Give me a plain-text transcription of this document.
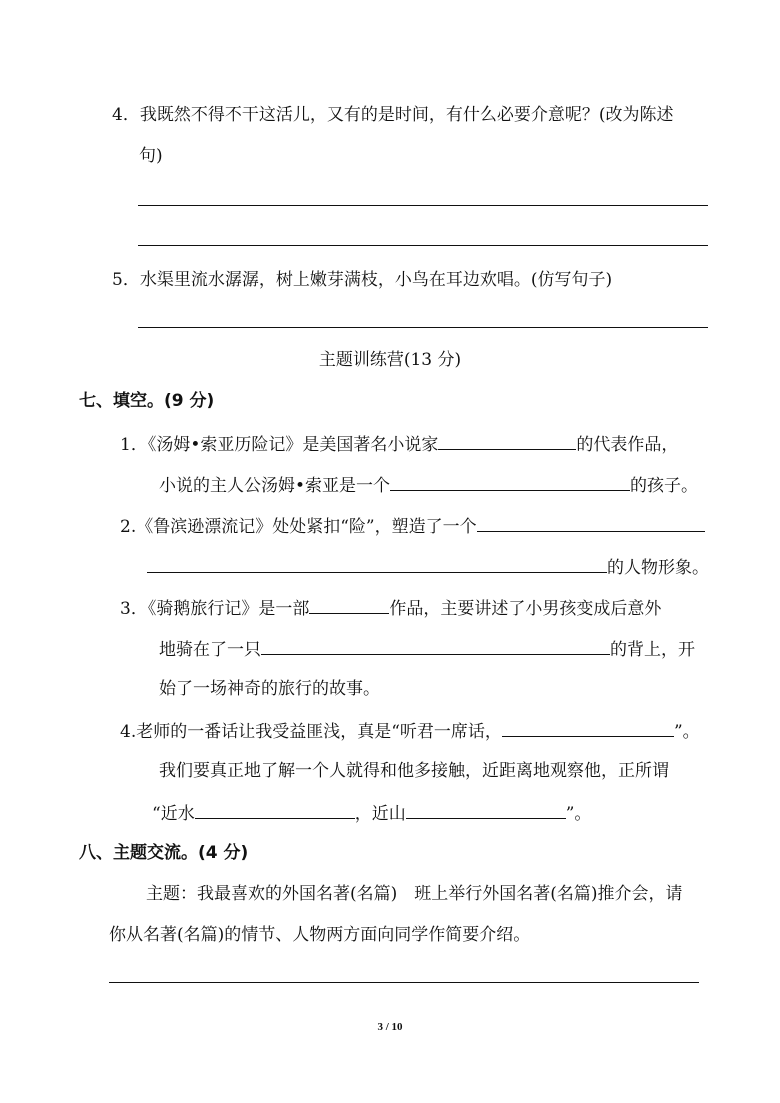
4．我既然不得不干这活儿，又有的是时间，有什么必要介意呢？(改为陈述
句)
5．水渠里流水潺潺，树上嫩芽满枝，小鸟在耳边欢唱。(仿写句子)
主题训练营(13 分)
七、填空。(9 分)
1．《汤姆•索亚历险记》是美国著名小说家	的代表作品，
小说的主人公汤姆•索亚是一个	的孩子。
2.《鲁滨逊漂流记》处处紧扣“险”，塑造了一个
的人物形象。
3．《骑鹅旅行记》是一部	作品，主要讲述了小男孩变成后意外
地骑在了一只	的背上，开
始了一场神奇的旅行的故事。
4.老师的一番话让我受益匪浅，真是“听君一席话，	”。
我们要真正地了解一个人就得和他多接触，近距离地观察他，正所谓
“近水	，近山	”。
八、主题交流。(4 分)
主题：我最喜欢的外国名著(名篇)　班上举行外国名著(名篇)推介会，请
你从名著(名篇)的情节、人物两方面向同学作简要介绍。
3 / 10
